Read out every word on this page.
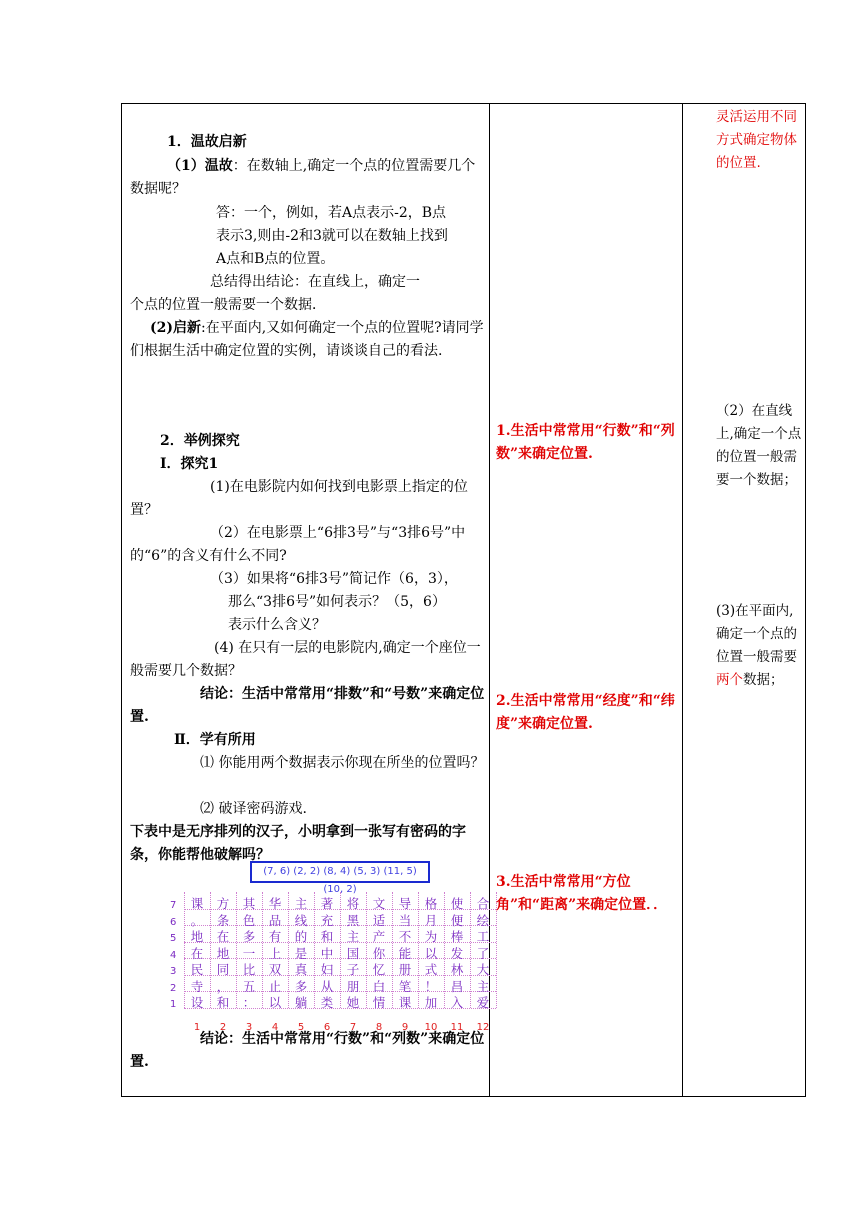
1．温故启新
（1）温故：在数轴上,确定一个点的位置需要几个数据呢？
答：一个，例如，若A点表示-2，B点
表示3,则由-2和3就可以在数轴上找到
A点和B点的位置。
总结得出结论：在直线上，确定一
个点的位置一般需要一个数据．
(2)启新:在平面内,又如何确定一个点的位置呢?请同学们根据生活中确定位置的实例，请谈谈自己的看法.
2．举例探究
Ⅰ．探究1
(1)在电影院内如何找到电影票上指定的位置？
（2）在电影票上“6排3号”与“3排6号”中的“6”的含义有什么不同?
（3）如果将“6排3号”简记作（6，3），
那么“3排6号”如何表示？（5，6）
表示什么含义？
(4) 在只有一层的电影院内,确定一个座位一般需要几个数据？
结论：生活中常常用“排数”和“号数”来确定位置.
Ⅱ．学有所用
⑴ 你能用两个数据表示你现在所坐的位置吗？
⑵ 破译密码游戏.
下表中是无序排列的汉子，小明拿到一张写有密码的字条，你能帮他破解吗？
(7, 6) (2, 2) (8, 4) (5, 3) (11, 5) (10, 2)
7	课	方	其	华	主	著	将	文	导	格	使	合
6	。	条	色	品	线	充	黑	适	当	月	便	绘
5	地	在	多	有	的	和	主	产	不	为	棒	工
4	在	地	一	上	是	中	国	你	能	以	发	了
3	民	同	比	双	真	妇	子	忆	册	式	林	大
2	寺	，	五	止	多	从	朋	白	笔	！	昌	主
1	设	和	：	以	躺	类	她	情	课	加	入	爱
1	2	3	4	5	6	7	8	9	10	11	12
结论：生活中常常用“行数”和“列数”来确定位置.
1.生活中常常用“行数”和“列数”来确定位置.
2.生活中常常用“经度”和“纬度”来确定位置.
3.生活中常常用“方位角”和“距离”来确定位置．．
灵活运用不同方式确定物体的位置.
（2）在直线上,确定一个点的位置一般需要一个数据；
(3)在平面内,确定一个点的位置一般需要两个数据；
